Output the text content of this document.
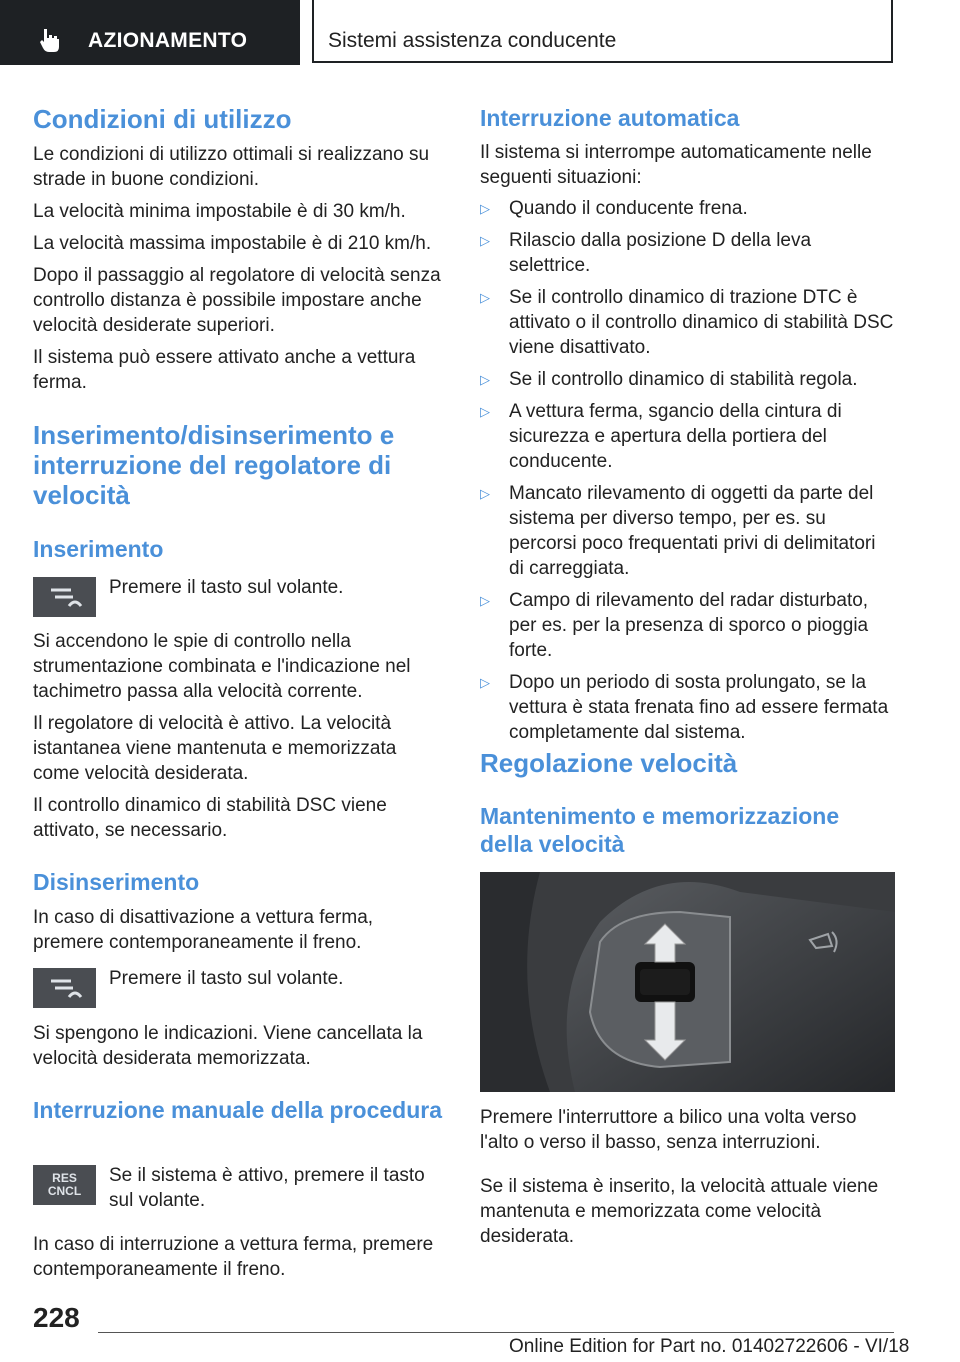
AZIONAMENTO	Sistemi assistenza conducente
Condizioni di utilizzo

Le condizioni di utilizzo ottimali si realizzano su strade in buone condizioni.

La velocità minima impostabile è di 30 km/h.

La velocità massima impostabile è di 210 km/h.

Dopo il passaggio al regolatore di velocità senza controllo distanza è possibile impostare anche velocità desiderate superiori.

Il sistema può essere attivato anche a vettura ferma.

Inserimento/disinserimento e interruzione del regolatore di velocità
Inserimento
Premere il tasto sul volante.

Si accendono le spie di controllo nella strumentazione combinata e l'indicazione nel tachimetro passa alla velocità corrente.

Il regolatore di velocità è attivo. La velocità istantanea viene mantenuta e memorizzata come velocità desiderata.

Il controllo dinamico di stabilità DSC viene attivato, se necessario.

Disinserimento

In caso di disattivazione a vettura ferma, premere contemporaneamente il freno.

Premere il tasto sul volante.

Si spengono le indicazioni. Viene cancellata la velocità desiderata memorizzata.

Interruzione manuale della procedura
RES
CNCL
Se il sistema è attivo, premere il tasto sul volante.

In caso di interruzione a vettura ferma, premere contemporaneamente il freno.

Interruzione automatica

Il sistema si interrompe automaticamente nelle seguenti situazioni:

▷ Quando il conducente frena.
▷ Rilascio dalla posizione D della leva selettrice.
▷ Se il controllo dinamico di trazione DTC è attivato o il controllo dinamico di stabilità DSC viene disattivato.
▷ Se il controllo dinamico di stabilità regola.
▷ A vettura ferma, sgancio della cintura di sicurezza e apertura della portiera del conducente.
▷ Mancato rilevamento di oggetti da parte del sistema per diverso tempo, per es. su percorsi poco frequentati privi di delimitatori di carreggiata.
▷ Campo di rilevamento del radar disturbato, per es. per la presenza di sporco o pioggia forte.
▷ Dopo un periodo di sosta prolungato, se la vettura è stata frenata fino ad essere fermata completamente dal sistema.
Regolazione velocità
Mantenimento e memorizzazione della velocità

Premere l'interruttore a bilico una volta verso l'alto o verso il basso, senza interruzioni.

Se il sistema è inserito, la velocità attuale viene mantenuta e memorizzata come velocità desiderata.

228
Online Edition for Part no. 01402722606 - VI/18
